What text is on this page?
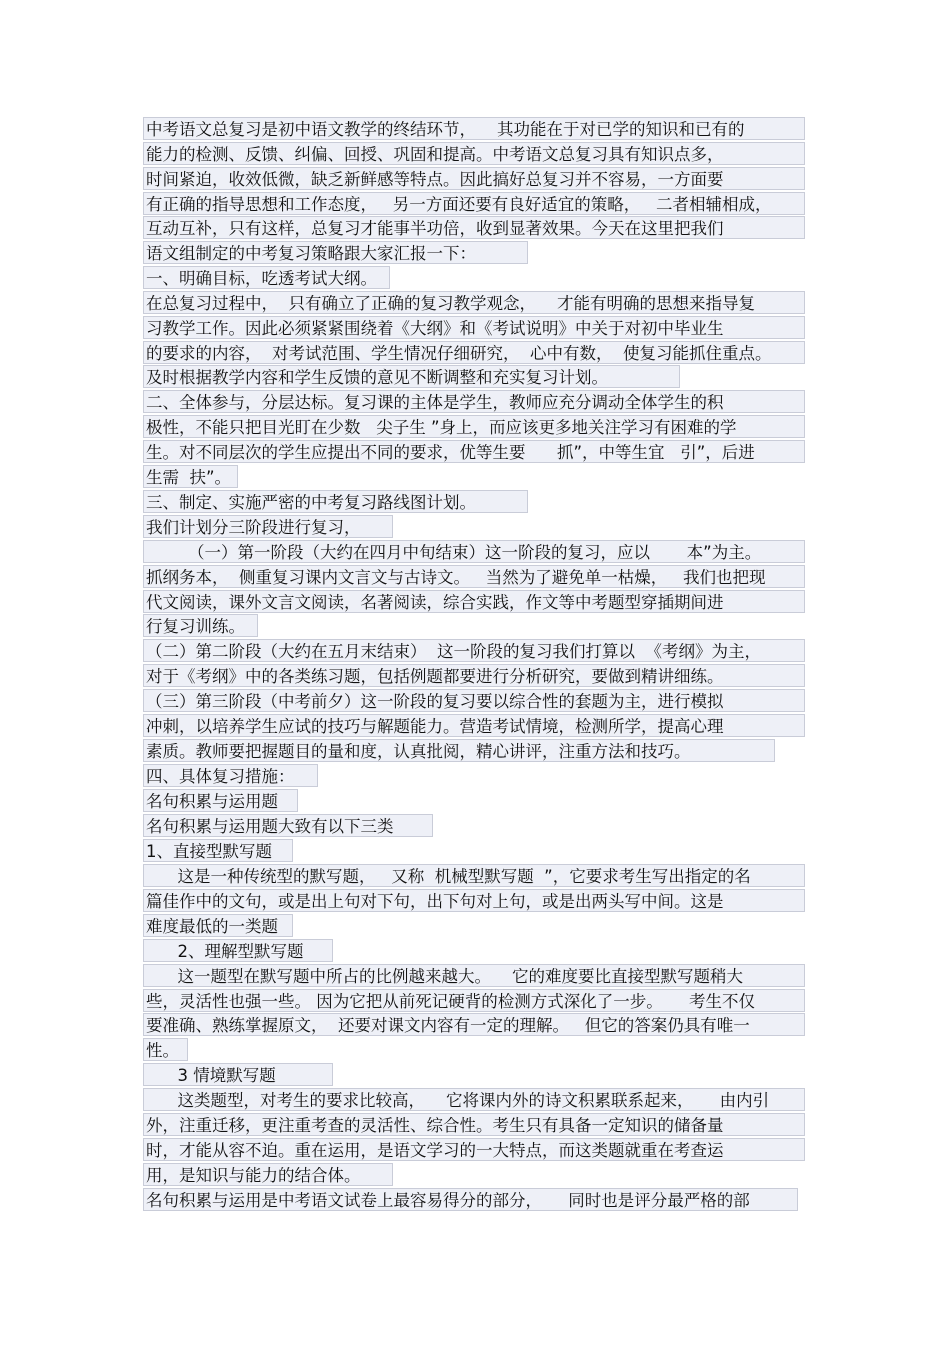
中考语文总复习是初中语文教学的终结环节，    其功能在于对已学的知识和已有的
能力的检测、反馈、纠偏、回授、巩固和提高。中考语文总复习具有知识点多，
时间紧迫，收效低微，缺乏新鲜感等特点。因此搞好总复习并不容易，一方面要
有正确的指导思想和工作态度，   另一方面还要有良好适宜的策略，   二者相辅相成，
互动互补，只有这样，总复习才能事半功倍，收到显著效果。今天在这里把我们
语文组制定的中考复习策略跟大家汇报一下：
一、明确目标，吃透考试大纲。
在总复习过程中，  只有确立了正确的复习教学观念，    才能有明确的思想来指导复
习教学工作。因此必须紧紧围绕着《大纲》和《考试说明》中关于对初中毕业生
的要求的内容，  对考试范围、学生情况仔细研究，  心中有数，  使复习能抓住重点。
及时根据教学内容和学生反馈的意见不断调整和充实复习计划。
二、全体参与，分层达标。复习课的主体是学生，教师应充分调动全体学生的积
极性，不能只把目光盯在少数   尖子生 ”身上，而应该更多地关注学习有困难的学
生。对不同层次的学生应提出不同的要求，优等生要      抓”，中等生宜   引”，后进
生需  扶”。
三、制定、实施严密的中考复习路线图计划。
我们计划分三阶段进行复习，
（一）第一阶段（大约在四月中旬结束）这一阶段的复习，应以       本”为主。
抓纲务本，  侧重复习课内文言文与古诗文。   当然为了避免单一枯燥，   我们也把现
代文阅读，课外文言文阅读，名著阅读，综合实践，作文等中考题型穿插期间进
行复习训练。
（二）第二阶段（大约在五月末结束）  这一阶段的复习我们打算以  《考纲》为主，
对于《考纲》中的各类练习题，包括例题都要进行分析研究，要做到精讲细练。
（三）第三阶段（中考前夕）这一阶段的复习要以综合性的套题为主，进行模拟
冲刺，以培养学生应试的技巧与解题能力。营造考试情境，检测所学，提高心理
素质。教师要把握题目的量和度，认真批阅，精心讲评，注重方法和技巧。
四、具体复习措施：
名句积累与运用题
名句积累与运用题大致有以下三类
1、直接型默写题
这是一种传统型的默写题，   又称  机械型默写题  ”，它要求考生写出指定的名
篇佳作中的文句，或是出上句对下句，出下句对上句，或是出两头写中间。这是
难度最低的一类题
2、理解型默写题
这一题型在默写题中所占的比例越来越大。    它的难度要比直接型默写题稍大
些，灵活性也强一些。 因为它把从前死记硬背的检测方式深化了一步。     考生不仅
要准确、熟练掌握原文，  还要对课文内容有一定的理解。   但它的答案仍具有唯一
性。
3 情境默写题
这类题型，对考生的要求比较高，    它将课内外的诗文积累联系起来，     由内引
外，注重迁移，更注重考查的灵活性、综合性。考生只有具备一定知识的储备量
时，才能从容不迫。重在运用，是语文学习的一大特点，而这类题就重在考查运
用，是知识与能力的结合体。
名句积累与运用是中考语文试卷上最容易得分的部分，     同时也是评分最严格的部
